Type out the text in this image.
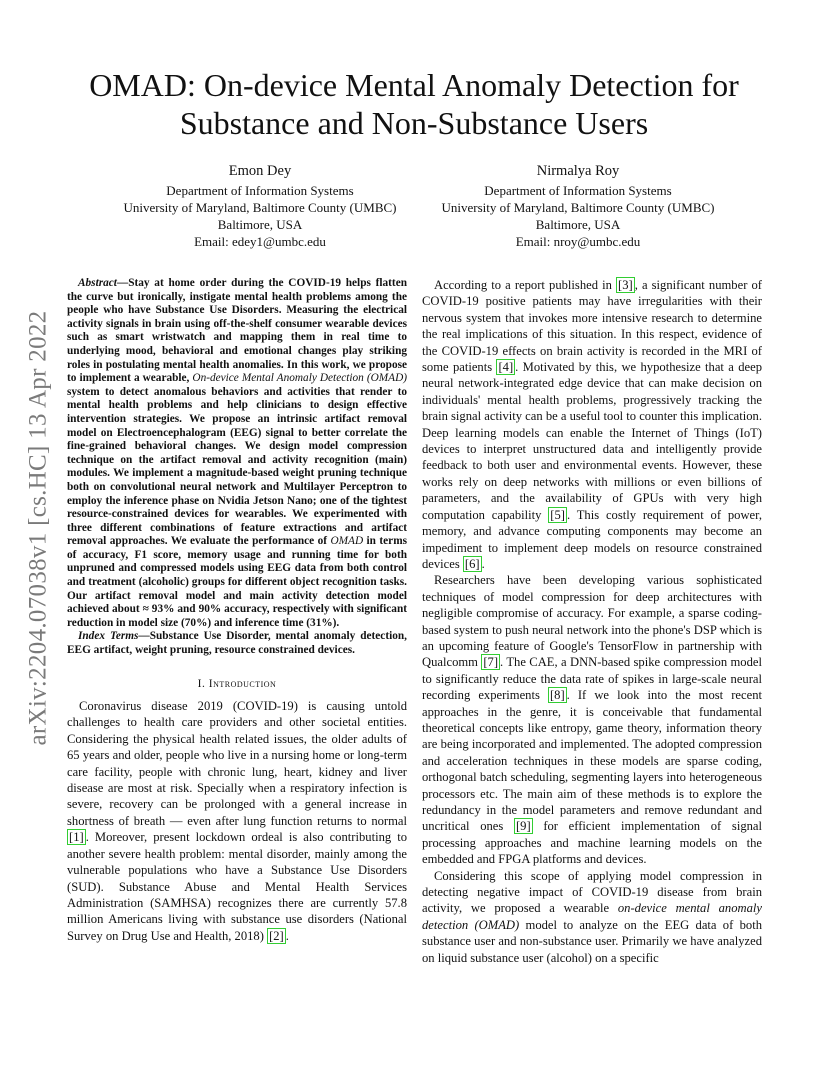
arXiv:2204.07038v1 [cs.HC] 13 Apr 2022
OMAD: On-device Mental Anomaly Detection for Substance and Non-Substance Users
Emon Dey
Department of Information Systems
University of Maryland, Baltimore County (UMBC)
Baltimore, USA
Email: edey1@umbc.edu
Nirmalya Roy
Department of Information Systems
University of Maryland, Baltimore County (UMBC)
Baltimore, USA
Email: nroy@umbc.edu

Abstract—Stay at home order during the COVID-19 helps flatten the curve but ironically, instigate mental health problems among the people who have Substance Use Disorders. Measuring the electrical activity signals in brain using off-the-shelf consumer wearable devices such as smart wristwatch and mapping them in real time to underlying mood, behavioral and emotional changes play striking roles in postulating mental health anomalies. In this work, we propose to implement a wearable, On-device Mental Anomaly Detection (OMAD) system to detect anomalous behaviors and activities that render to mental health problems and help clinicians to design effective intervention strategies. We propose an intrinsic artifact removal model on Electroencephalogram (EEG) signal to better correlate the fine-grained behavioral changes. We design model compression technique on the artifact removal and activity recognition (main) modules. We implement a magnitude-based weight pruning technique both on convolutional neural network and Multilayer Perceptron to employ the inference phase on Nvidia Jetson Nano; one of the tightest resource-constrained devices for wearables. We experimented with three different combinations of feature extractions and artifact removal approaches. We evaluate the performance of OMAD in terms of accuracy, F1 score, memory usage and running time for both unpruned and compressed models using EEG data from both control and treatment (alcoholic) groups for different object recognition tasks. Our artifact removal model and main activity detection model achieved about ≈ 93% and 90% accuracy, respectively with significant reduction in model size (70%) and inference time (31%).

Index Terms—Substance Use Disorder, mental anomaly detection, EEG artifact, weight pruning, resource constrained devices.

I. Introduction

Coronavirus disease 2019 (COVID-19) is causing untold challenges to health care providers and other societal entities. Considering the physical health related issues, the older adults of 65 years and older, people who live in a nursing home or long-term care facility, people with chronic lung, heart, kidney and liver disease are most at risk. Specially when a respiratory infection is severe, recovery can be prolonged with a general increase in shortness of breath — even after lung function returns to normal [1] . Moreover, present lockdown ordeal is also contributing to another severe health problem: mental disorder, mainly among the vulnerable populations who have a Substance Use Disorders (SUD). Substance Abuse and Mental Health Services Administration (SAMHSA) recognizes there are currently 57.8 million Americans living with substance use disorders (National Survey on Drug Use and Health, 2018) [2] .

According to a report published in [3] , a significant number of COVID-19 positive patients may have irregularities with their nervous system that invokes more intensive research to determine the real implications of this situation. In this respect, evidence of the COVID-19 effects on brain activity is recorded in the MRI of some patients [4] . Motivated by this, we hypothesize that a deep neural network-integrated edge device that can make decision on individuals' mental health problems, progressively tracking the brain signal activity can be a useful tool to counter this implication. Deep learning models can enable the Internet of Things (IoT) devices to interpret unstructured data and intelligently provide feedback to both user and environmental events. However, these works rely on deep networks with millions or even billions of parameters, and the availability of GPUs with very high computation capability [5] . This costly requirement of power, memory, and advance computing components may become an impediment to implement deep models on resource constrained devices [6] .

Researchers have been developing various sophisticated techniques of model compression for deep architectures with negligible compromise of accuracy. For example, a sparse coding-based system to push neural network into the phone's DSP which is an upcoming feature of Google's TensorFlow in partnership with Qualcomm [7] . The CAE, a DNN-based spike compression model to significantly reduce the data rate of spikes in large-scale neural recording experiments [8] . If we look into the most recent approaches in the genre, it is conceivable that fundamental theoretical concepts like entropy, game theory, information theory are being incorporated and implemented. The adopted compression and acceleration techniques in these models are sparse coding, orthogonal batch scheduling, segmenting layers into heterogeneous processors etc. The main aim of these methods is to explore the redundancy in the model parameters and remove redundant and uncritical ones [9] for efficient implementation of signal processing approaches and machine learning models on the embedded and FPGA platforms and devices.

Considering this scope of applying model compression in detecting negative impact of COVID-19 disease from brain activity, we proposed a wearable on-device mental anomaly detection (OMAD) model to analyze on the EEG data of both substance user and non-substance user. Primarily we have analyzed on liquid substance user (alcohol) on a specific
